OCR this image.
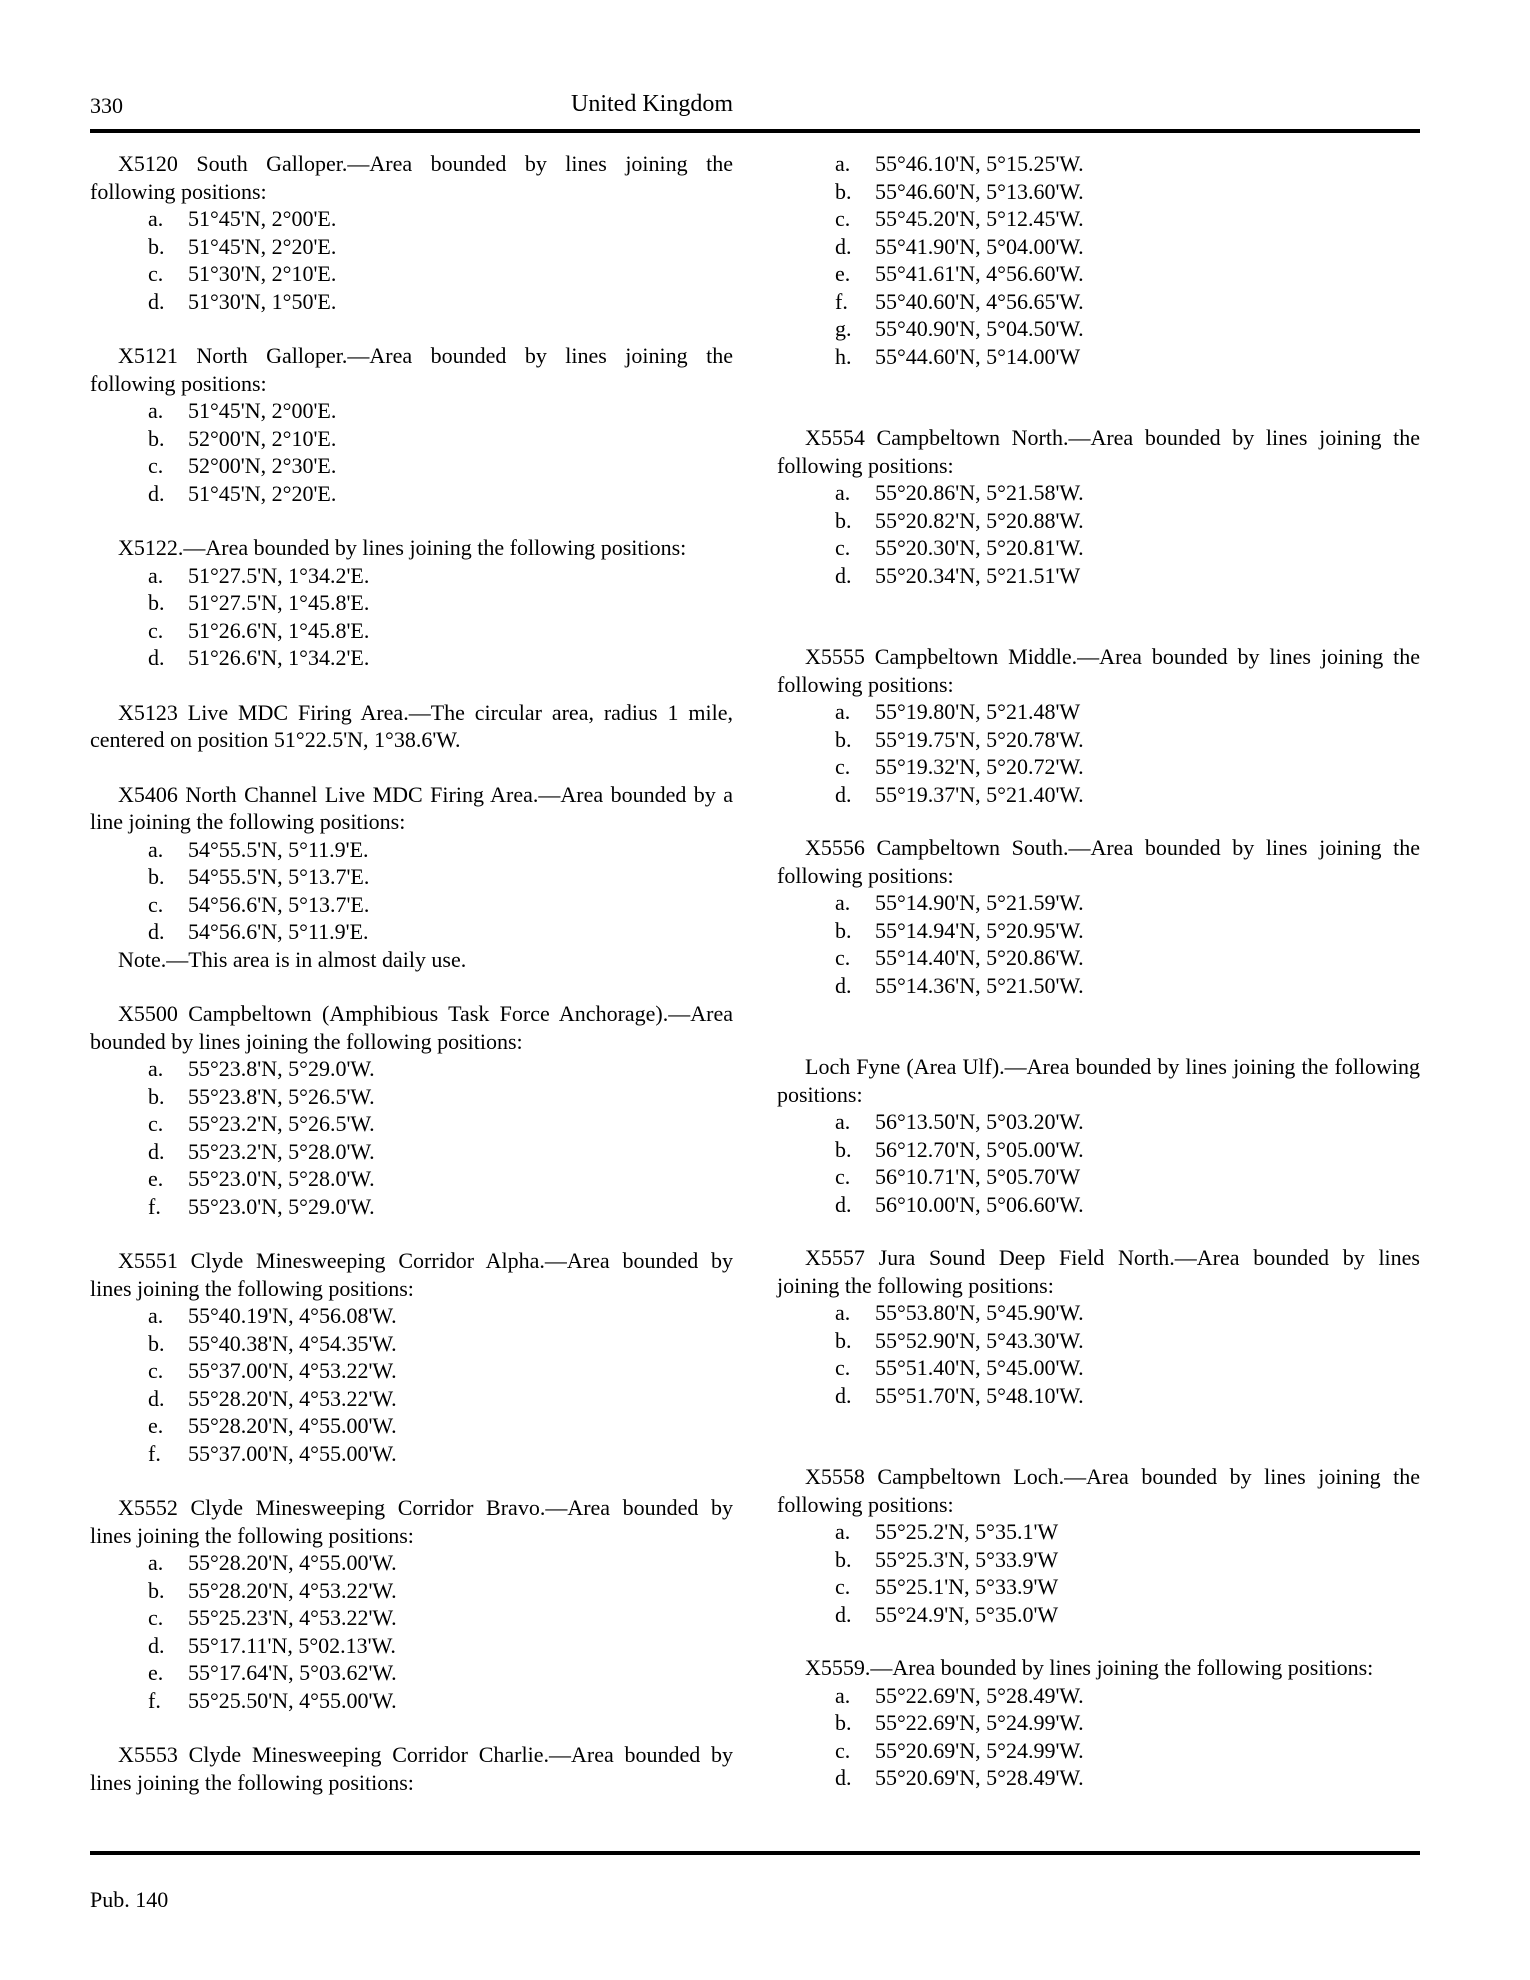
330	United Kingdom

X5120 South Galloper.—Area bounded by lines joining the following positions:

a. 51°45'N, 2°00'E.
b. 51°45'N, 2°20'E.
c. 51°30'N, 2°10'E.
d. 51°30'N, 1°50'E.

X5121 North Galloper.—Area bounded by lines joining the following positions:

a. 51°45'N, 2°00'E.
b. 52°00'N, 2°10'E.
c. 52°00'N, 2°30'E.
d. 51°45'N, 2°20'E.

X5122.—Area bounded by lines joining the following positions:

a. 51°27.5'N, 1°34.2'E.
b. 51°27.5'N, 1°45.8'E.
c. 51°26.6'N, 1°45.8'E.
d. 51°26.6'N, 1°34.2'E.

X5123 Live MDC Firing Area.—The circular area, radius 1 mile, centered on position 51°22.5'N, 1°38.6'W.

X5406 North Channel Live MDC Firing Area.—Area bounded by a line joining the following positions:

a. 54°55.5'N, 5°11.9'E.
b. 54°55.5'N, 5°13.7'E.
c. 54°56.6'N, 5°13.7'E.
d. 54°56.6'N, 5°11.9'E.

Note.—This area is in almost daily use.

X5500 Campbeltown (Amphibious Task Force Anchorage).—Area bounded by lines joining the following positions:

a. 55°23.8'N, 5°29.0'W.
b. 55°23.8'N, 5°26.5'W.
c. 55°23.2'N, 5°26.5'W.
d. 55°23.2'N, 5°28.0'W.
e. 55°23.0'N, 5°28.0'W.
f. 55°23.0'N, 5°29.0'W.

X5551 Clyde Minesweeping Corridor Alpha.—Area bounded by lines joining the following positions:

a. 55°40.19'N, 4°56.08'W.
b. 55°40.38'N, 4°54.35'W.
c. 55°37.00'N, 4°53.22'W.
d. 55°28.20'N, 4°53.22'W.
e. 55°28.20'N, 4°55.00'W.
f. 55°37.00'N, 4°55.00'W.

X5552 Clyde Minesweeping Corridor Bravo.—Area bounded by lines joining the following positions:

a. 55°28.20'N, 4°55.00'W.
b. 55°28.20'N, 4°53.22'W.
c. 55°25.23'N, 4°53.22'W.
d. 55°17.11'N, 5°02.13'W.
e. 55°17.64'N, 5°03.62'W.
f. 55°25.50'N, 4°55.00'W.

X5553 Clyde Minesweeping Corridor Charlie.—Area bounded by lines joining the following positions:

a. 55°46.10'N, 5°15.25'W.
b. 55°46.60'N, 5°13.60'W.
c. 55°45.20'N, 5°12.45'W.
d. 55°41.90'N, 5°04.00'W.
e. 55°41.61'N, 4°56.60'W.
f. 55°40.60'N, 4°56.65'W.
g. 55°40.90'N, 5°04.50'W.
h. 55°44.60'N, 5°14.00'W

X5554 Campbeltown North.—Area bounded by lines joining the following positions:

a. 55°20.86'N, 5°21.58'W.
b. 55°20.82'N, 5°20.88'W.
c. 55°20.30'N, 5°20.81'W.
d. 55°20.34'N, 5°21.51'W

X5555 Campbeltown Middle.—Area bounded by lines joining the following positions:

a. 55°19.80'N, 5°21.48'W
b. 55°19.75'N, 5°20.78'W.
c. 55°19.32'N, 5°20.72'W.
d. 55°19.37'N, 5°21.40'W.

X5556 Campbeltown South.—Area bounded by lines joining the following positions:

a. 55°14.90'N, 5°21.59'W.
b. 55°14.94'N, 5°20.95'W.
c. 55°14.40'N, 5°20.86'W.
d. 55°14.36'N, 5°21.50'W.

Loch Fyne (Area Ulf).—Area bounded by lines joining the following positions:

a. 56°13.50'N, 5°03.20'W.
b. 56°12.70'N, 5°05.00'W.
c. 56°10.71'N, 5°05.70'W
d. 56°10.00'N, 5°06.60'W.

X5557 Jura Sound Deep Field North.—Area bounded by lines joining the following positions:

a. 55°53.80'N, 5°45.90'W.
b. 55°52.90'N, 5°43.30'W.
c. 55°51.40'N, 5°45.00'W.
d. 55°51.70'N, 5°48.10'W.

X5558 Campbeltown Loch.—Area bounded by lines joining the following positions:

a. 55°25.2'N, 5°35.1'W
b. 55°25.3'N, 5°33.9'W
c. 55°25.1'N, 5°33.9'W
d. 55°24.9'N, 5°35.0'W

X5559.—Area bounded by lines joining the following positions:

a. 55°22.69'N, 5°28.49'W.
b. 55°22.69'N, 5°24.99'W.
c. 55°20.69'N, 5°24.99'W.
d. 55°20.69'N, 5°28.49'W.
Pub. 140
